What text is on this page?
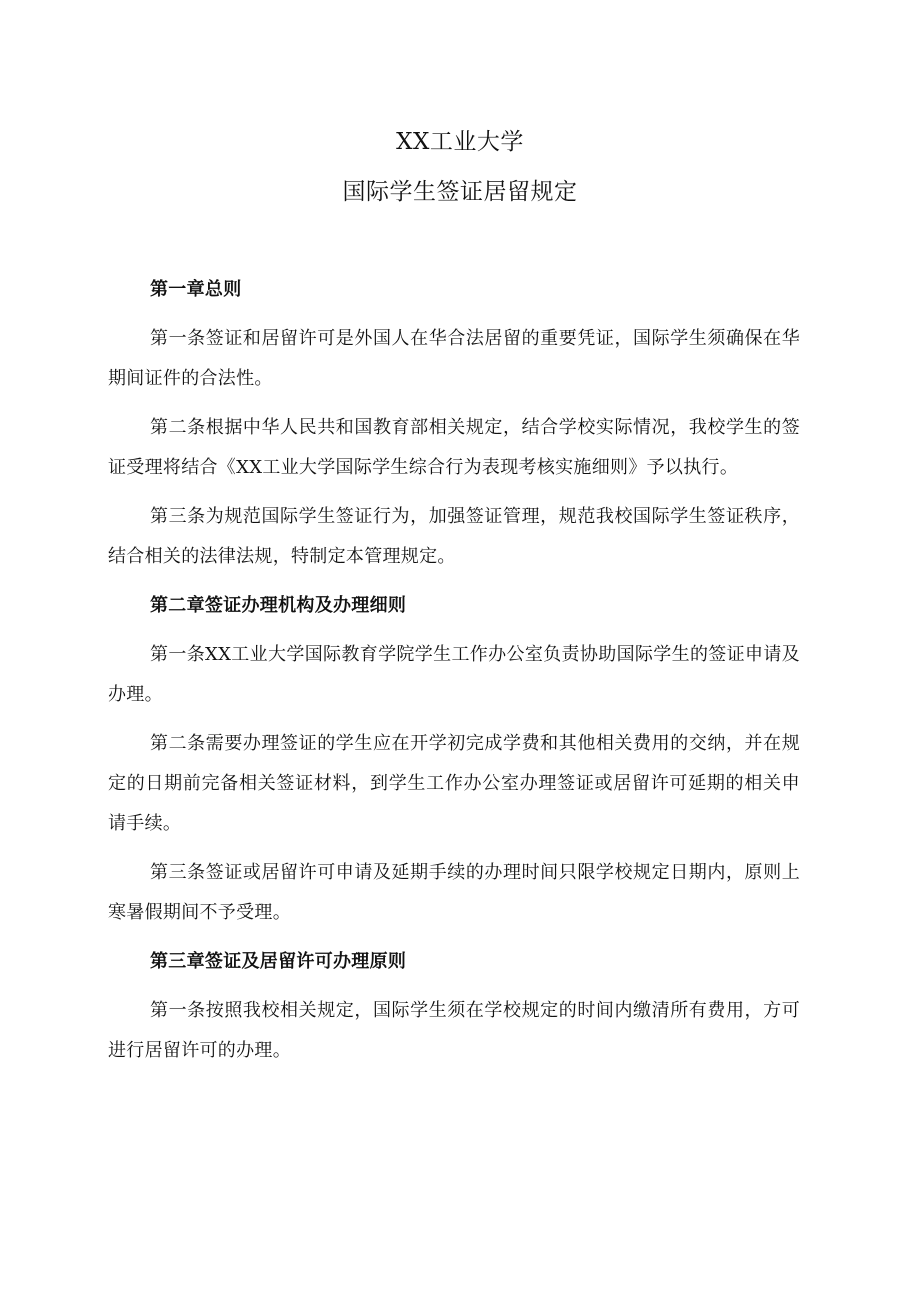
XX工业大学
国际学生签证居留规定

第一章总则

第一条签证和居留许可是外国人在华合法居留的重要凭证，国际学生须确保在华期间证件的合法性。

第二条根据中华人民共和国教育部相关规定，结合学校实际情况，我校学生的签证受理将结合《XX工业大学国际学生综合行为表现考核实施细则》予以执行。

第三条为规范国际学生签证行为，加强签证管理，规范我校国际学生签证秩序，结合相关的法律法规，特制定本管理规定。

第二章签证办理机构及办理细则

第一条XX工业大学国际教育学院学生工作办公室负责协助国际学生的签证申请及办理。

第二条需要办理签证的学生应在开学初完成学费和其他相关费用的交纳，并在规定的日期前完备相关签证材料，到学生工作办公室办理签证或居留许可延期的相关申请手续。

第三条签证或居留许可申请及延期手续的办理时间只限学校规定日期内，原则上寒暑假期间不予受理。

第三章签证及居留许可办理原则

第一条按照我校相关规定，国际学生须在学校规定的时间内缴清所有费用，方可进行居留许可的办理。
